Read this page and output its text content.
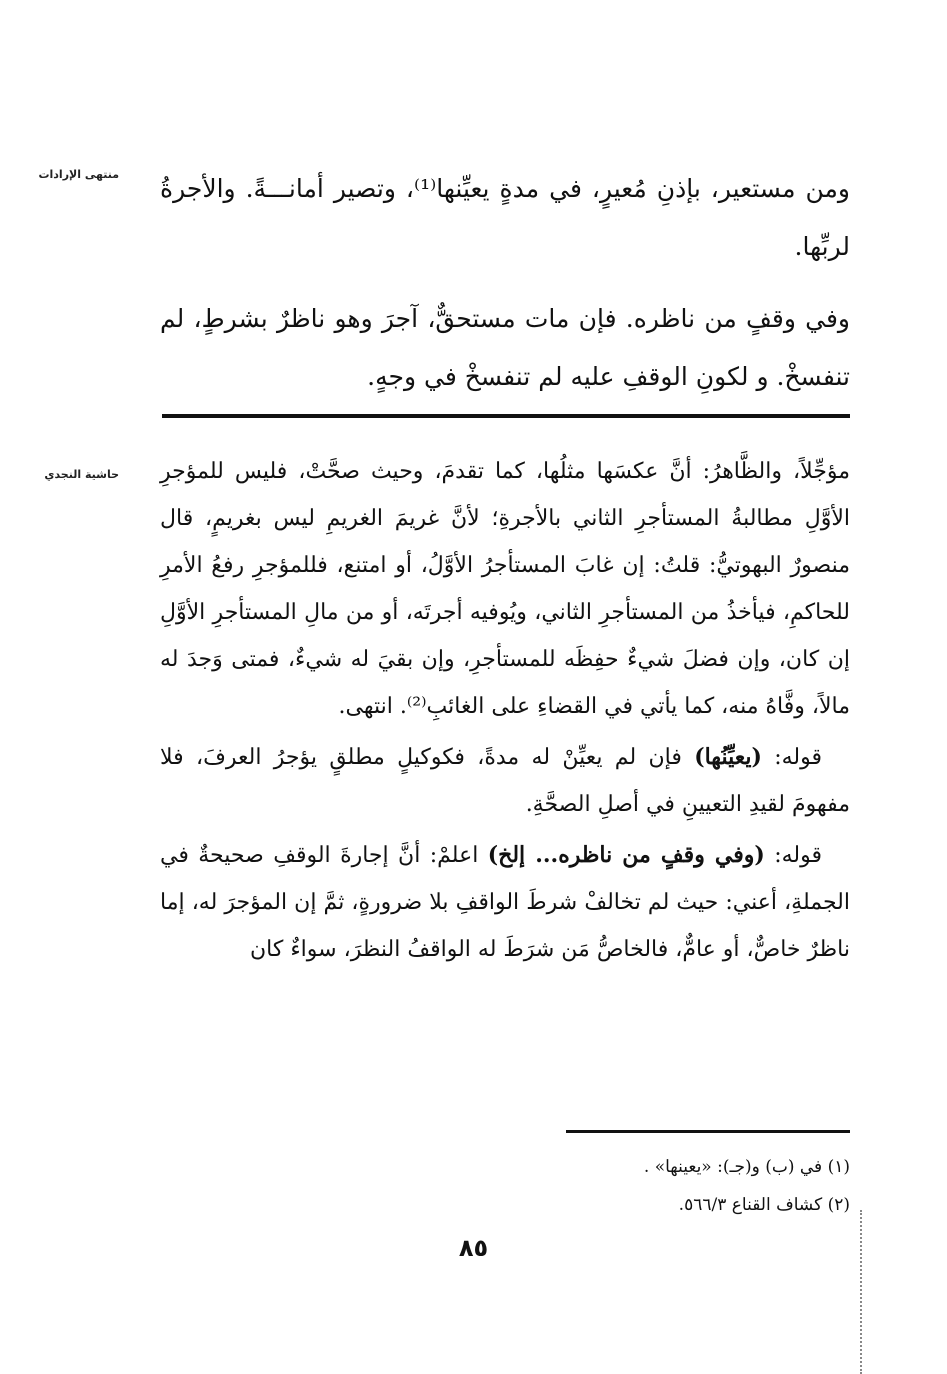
منتهى الإرادات ومن مستعير، بإذنِ مُعيرٍ، في مدةٍ يعيِّنها⁽¹⁾، وتصير أمانـــةً. والأجرةُ لربِّها.

وفي وقفٍ من ناظره. فإن مات مستحقٌّ، آجرَ وهو ناظرٌ بشرطٍ، لم تنفسخْ. و لكونِ الوقفِ عليه لم تنفسخْ في وجهٍ.

حاشية النجدي مؤجِّلاً، والظَّاهرُ: أنَّ عكسَها مثلُها، كما تقدمَ، وحيث صحَّتْ، فليس للمؤجرِ الأوَّلِ مطالبةُ المستأجرِ الثاني بالأجرةِ؛ لأنَّ غريمَ الغريمِ ليس بغريمٍ، قال منصورٌ البهوتيُّ: قلتُ: إن غابَ المستأجرُ الأوَّلُ، أو امتنع، فللمؤجرِ رفعُ الأمرِ للحاكمِ، فيأخذُ من المستأجرِ الثاني، ويُوفيه أجرتَه، أو من مالِ المستأجرِ الأوَّلِ إن كان، وإن فضلَ شيءٌ حفِظَه للمستأجرِ، وإن بقيَ له شيءٌ، فمتى وَجدَ له مالاً، وفَّاهُ منه، كما يأتي في القضاءِ على الغائبِ⁽²⁾. انتهى.

قوله: (يعيِّنُها) فإن لم يعيِّنْ له مدةً، فكوكيلٍ مطلقٍ يؤجرُ العرفَ، فلا مفهومَ لقيدِ التعيينِ في أصلِ الصحَّةِ.

قوله: (وفي وقفٍ من ناظره... إلخ) اعلمْ: أنَّ إجارةَ الوقفِ صحيحةٌ في الجملةِ، أعني: حيث لم تخالفْ شرطَ الواقفِ بلا ضرورةٍ، ثمَّ إن المؤجرَ له، إما ناظرٌ خاصٌّ، أو عامٌّ، فالخاصُّ مَن شرَطَ له الواقفُ النظرَ، سواءٌ كان

(١) في (ب) و(جـ): «يعينها» .
(٢) كشاف القناع ٥٦٦/٣.
٨٥
